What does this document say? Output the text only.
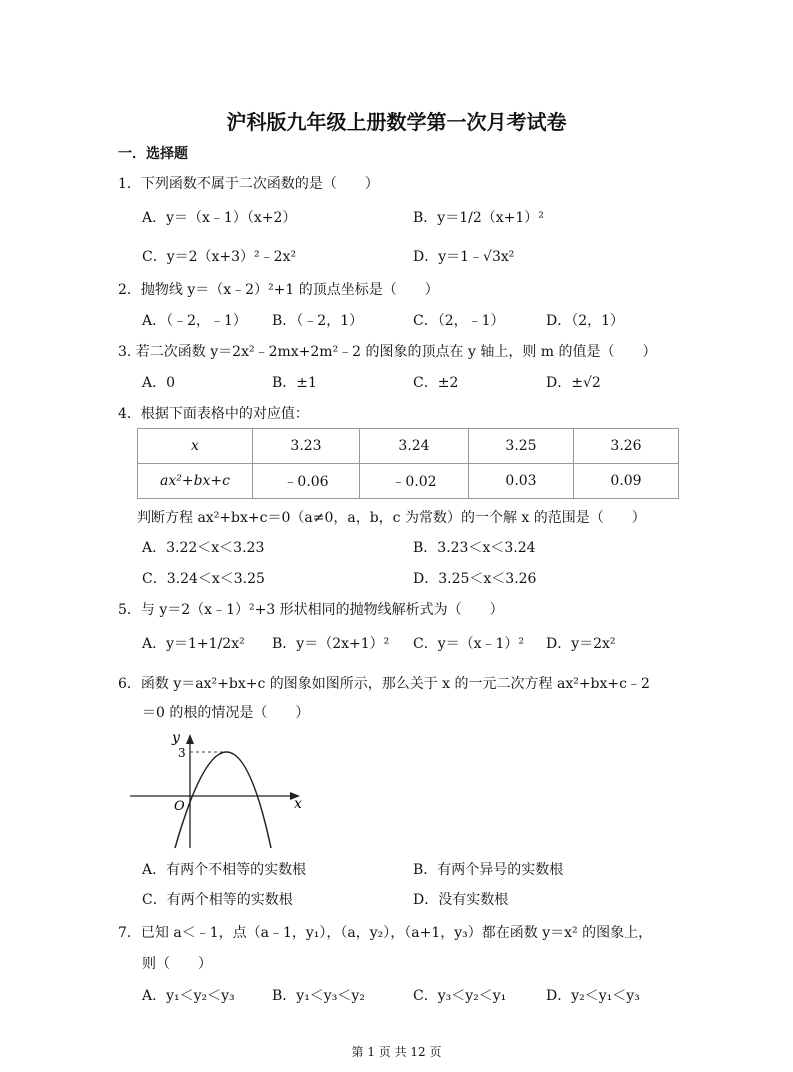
沪科版九年级上册数学第一次月考试卷
一．选择题
1．下列函数不属于二次函数的是（　　）
A．y＝（x﹣1）（x+2）	B．y＝1/2（x+1）²
C．y＝2（x+3）²﹣2x²	D．y＝1﹣√3x²
2．抛物线 y＝（x﹣2）²+1 的顶点坐标是（　　）
A．（﹣2，﹣1） B．（﹣2，1）	C．（2，﹣1）	D．（2，1）
3. 若二次函数 y＝2x²﹣2mx+2m²﹣2 的图象的顶点在 y 轴上，则 m 的值是（　　）
A．0	B．±1	C．±2	D．±√2
4．根据下面表格中的对应值：
x	3.23	3.24	3.25	3.26
ax²+bx+c	﹣0.06	﹣0.02	0.03	0.09
判断方程 ax²+bx+c＝0（a≠0，a，b，c 为常数）的一个解 x 的范围是（　　）
A．3.22＜x＜3.23	B．3.23＜x＜3.24
C．3.24＜x＜3.25	D．3.25＜x＜3.26
5．与 y＝2（x﹣1）²+3 形状相同的抛物线解析式为（　　）
A．y＝1+1/2x² B．y＝（2x+1）² C．y＝（x﹣1）² D．y＝2x²
6．函数 y＝ax²+bx+c 的图象如图所示，那么关于 x 的一元二次方程 ax²+bx+c﹣2
＝0 的根的情况是（　　）
y
x
O
3
A．有两个不相等的实数根	B．有两个异号的实数根
C．有两个相等的实数根	D．没有实数根
7．已知 a＜﹣1，点（a﹣1，y₁），（a，y₂），（a+1，y₃）都在函数 y＝x² 的图象上，
则（　　）
A．y₁＜y₂＜y₃	B．y₁＜y₃＜y₂	C．y₃＜y₂＜y₁	D．y₂＜y₁＜y₃
第 1 页 共 12 页
